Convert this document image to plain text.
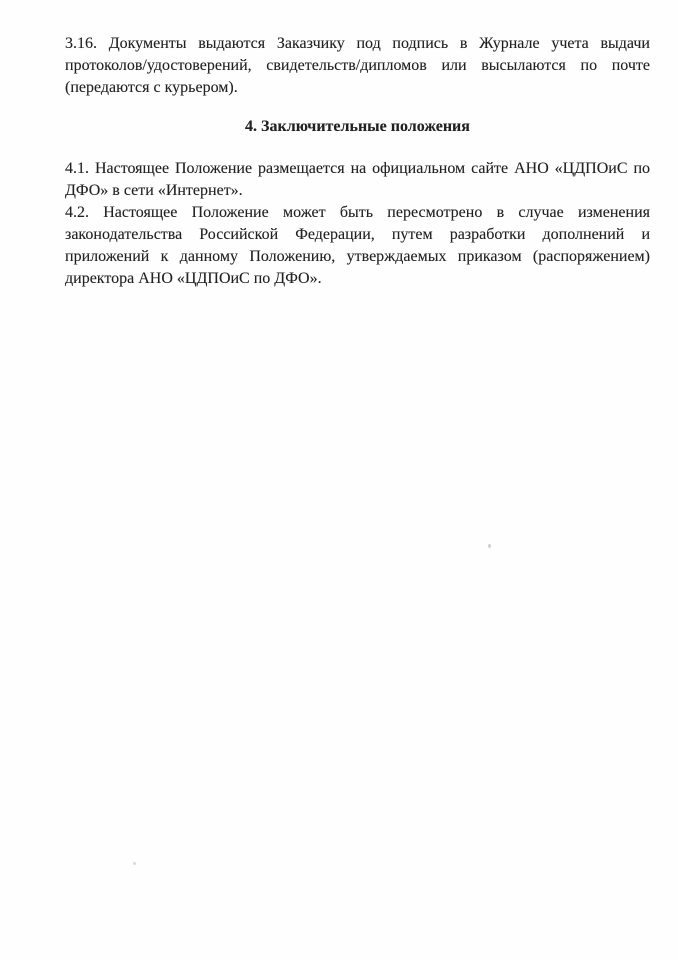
3.16. Документы выдаются Заказчику под подпись в Журнале учета выдачи
протоколов/удостоверений, свидетельств/дипломов или высылаются по почте
(передаются с курьером).

4. Заключительные положения

4.1. Настоящее Положение размещается на официальном сайте АНО «ЦДПОиС по
ДФО» в сети «Интернет».

4.2. Настоящее Положение может быть пересмотрено в случае изменения
законодательства Российской Федерации, путем разработки дополнений и
приложений к данному Положению, утверждаемых приказом (распоряжением)
директора АНО «ЦДПОиС по ДФО».
